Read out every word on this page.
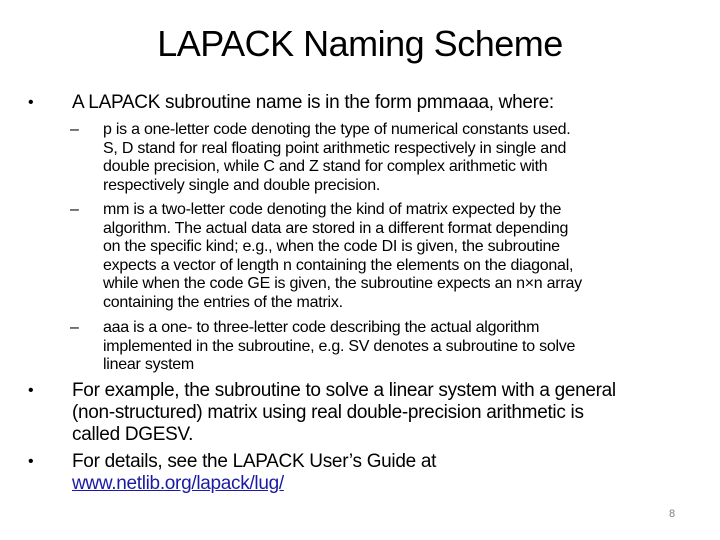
LAPACK Naming Scheme
• A LAPACK subroutine name is in the form pmmaaa, where:
– p is a one-letter code denoting the type of numerical constants used.
S, D stand for real floating point arithmetic respectively in single and
double precision, while C and Z stand for complex arithmetic with
respectively single and double precision.
– mm is a two-letter code denoting the kind of matrix expected by the
algorithm. The actual data are stored in a different format depending
on the specific kind; e.g., when the code DI is given, the subroutine
expects a vector of length n containing the elements on the diagonal,
while when the code GE is given, the subroutine expects an n×n array
containing the entries of the matrix.
– aaa is a one- to three-letter code describing the actual algorithm
implemented in the subroutine, e.g. SV denotes a subroutine to solve
linear system
• For example, the subroutine to solve a linear system with a general
(non-structured) matrix using real double-precision arithmetic is
called DGESV.
• For details, see the LAPACK User’s Guide at
www.netlib.org/lapack/lug/
8
